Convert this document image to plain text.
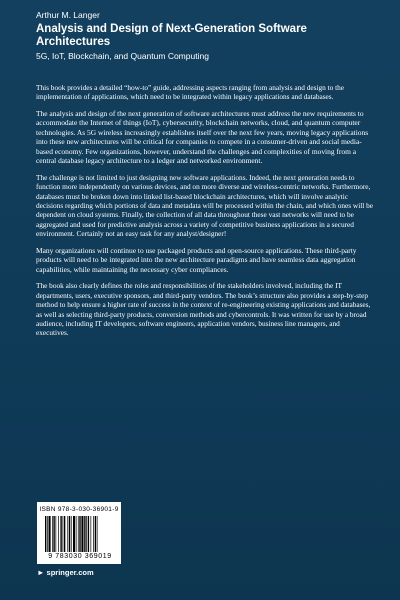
Arthur M. Langer
Analysis and Design of Next-Generation Software Architectures
5G, IoT, Blockchain, and Quantum Computing

This book provides a detailed “how-to” guide, addressing aspects ranging from analysis and design to the implementation of applications, which need to be integrated within legacy applications and databases.

The analysis and design of the next generation of software architectures must address the new requirements to accommodate the Internet of things (IoT), cybersecurity, blockchain networks, cloud, and quantum computer technologies. As 5G wireless increasingly establishes itself over the next few years, moving legacy applications into these new architectures will be critical for companies to compete in a consumer-driven and social media-based economy. Few organizations, however, understand the challenges and complexities of moving from a central database legacy architecture to a ledger and networked environment.

The challenge is not limited to just designing new software applications. Indeed, the next generation needs to function more independently on various devices, and on more diverse and wireless-centric networks. Furthermore, databases must be broken down into linked list-based blockchain architectures, which will involve analytic decisions regarding which portions of data and metadata will be processed within the chain, and which ones will be dependent on cloud systems. Finally, the collection of all data throughout these vast networks will need to be aggregated and used for predictive analysis across a variety of competitive business applications in a secured environment. Certainly not an easy task for any analyst/designer!

Many organizations will continue to use packaged products and open-source applications. These third-party products will need to be integrated into the new architecture paradigms and have seamless data aggregation capabilities, while maintaining the necessary cyber compliances.

The book also clearly defines the roles and responsibilities of the stakeholders involved, including the IT departments, users, executive sponsors, and third-party vendors. The book’s structure also provides a step-by-step method to help ensure a higher rate of success in the context of re-engineering existing applications and databases, as well as selecting third-party products, conversion methods and cybercontrols. It was written for use by a broad audience, including IT developers, software engineers, application vendors, business line managers, and executives.

ISBN 978-3-030-36901-9
9 783030 369019
► springer.com
